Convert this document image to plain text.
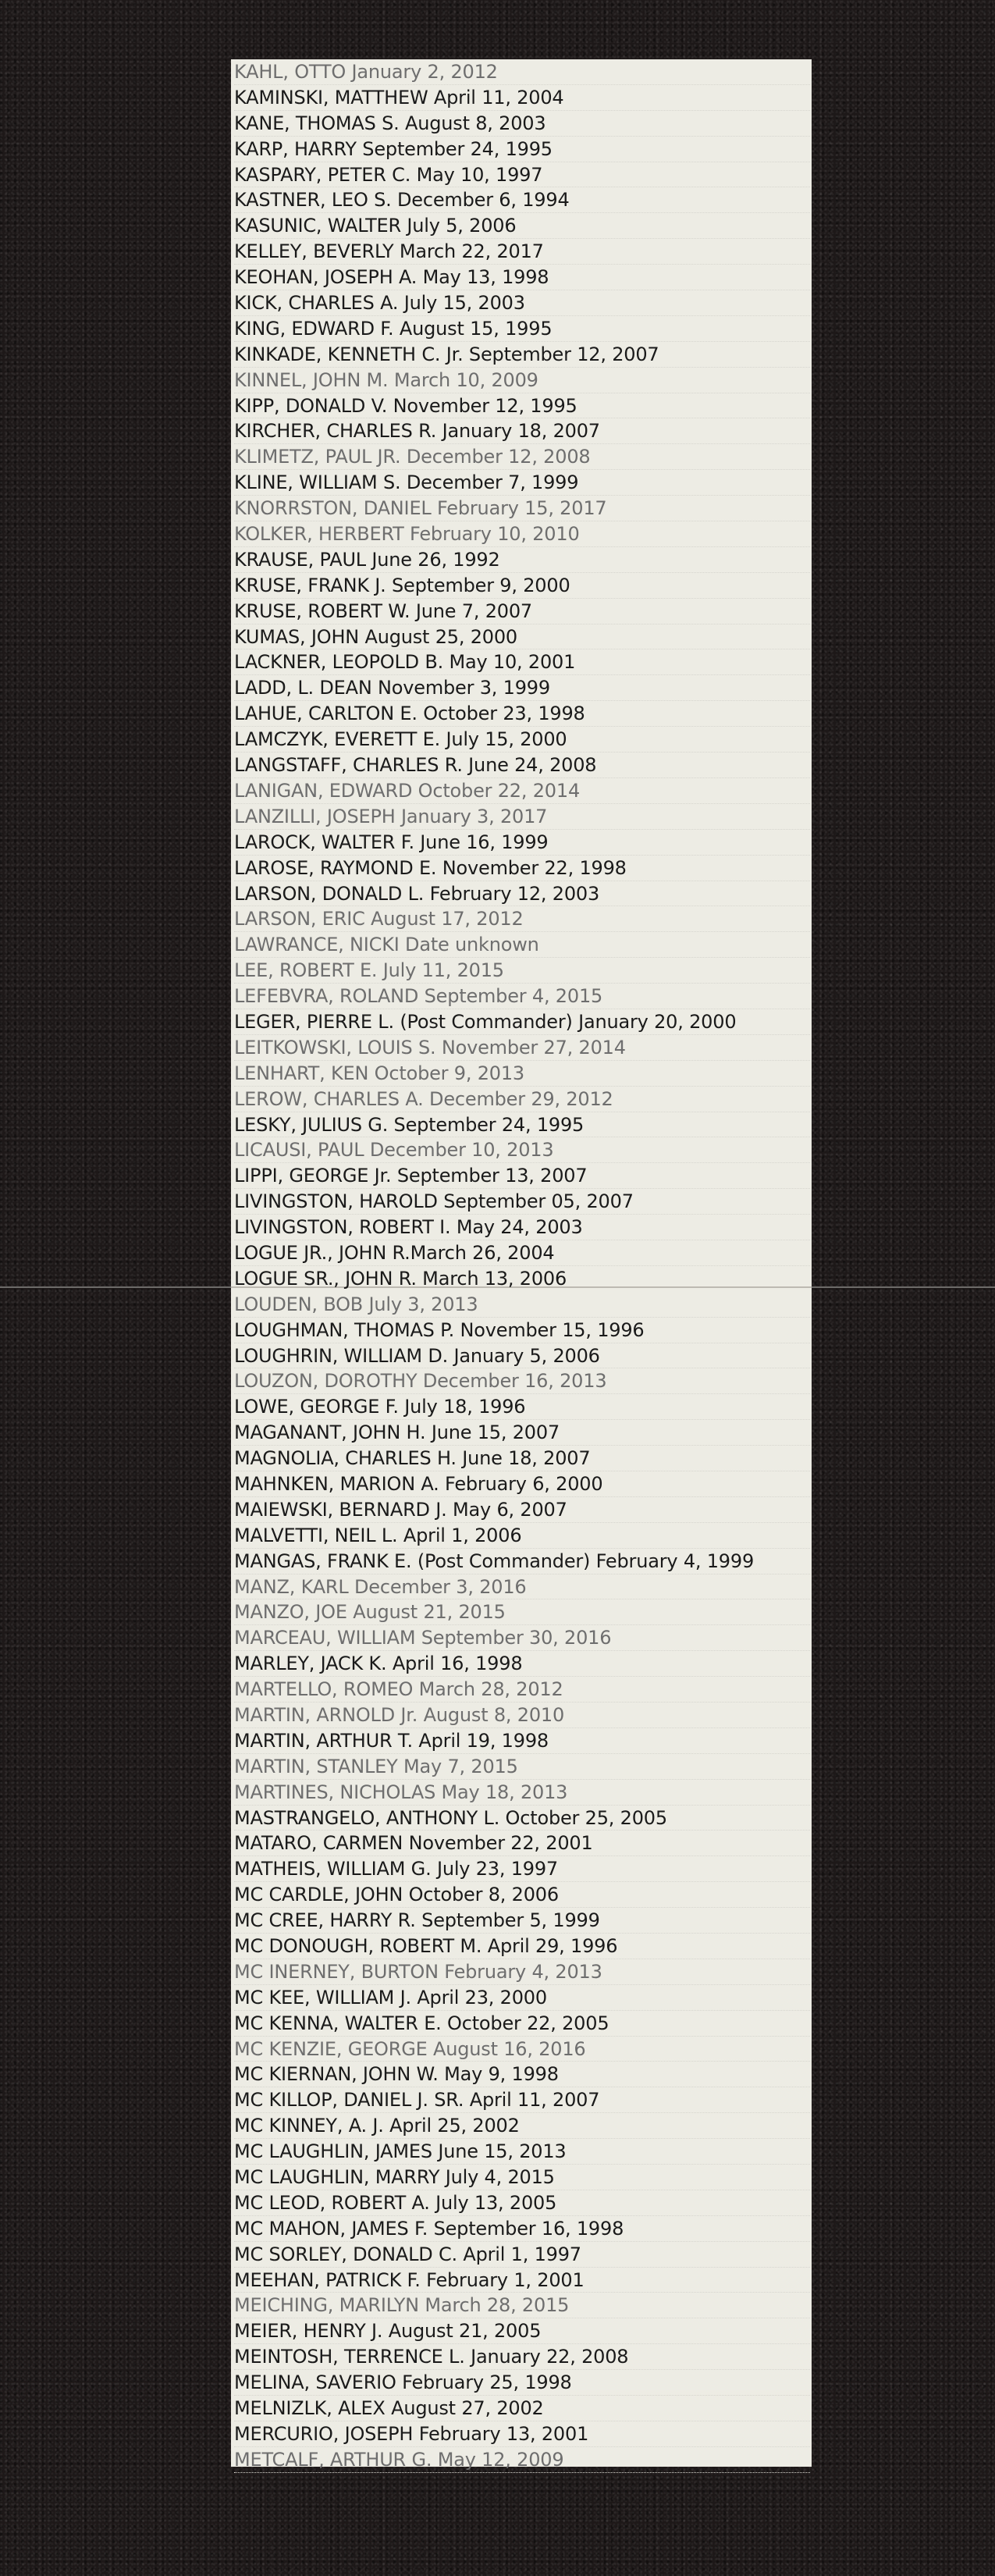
KAHL, OTTO January 2, 2012
KAMINSKI, MATTHEW April 11, 2004
KANE, THOMAS S. August 8, 2003
KARP, HARRY September 24, 1995
KASPARY, PETER C. May 10, 1997
KASTNER, LEO S. December 6, 1994
KASUNIC, WALTER July 5, 2006
KELLEY, BEVERLY March 22, 2017
KEOHAN, JOSEPH A. May 13, 1998
KICK, CHARLES A. July 15, 2003
KING, EDWARD F. August 15, 1995
KINKADE, KENNETH C. Jr. September 12, 2007
KINNEL, JOHN M. March 10, 2009
KIPP, DONALD V. November 12, 1995
KIRCHER, CHARLES R. January 18, 2007
KLIMETZ, PAUL JR. December 12, 2008
KLINE, WILLIAM S. December 7, 1999
KNORRSTON, DANIEL February 15, 2017
KOLKER, HERBERT February 10, 2010
KRAUSE, PAUL June 26, 1992
KRUSE, FRANK J. September 9, 2000
KRUSE, ROBERT W. June 7, 2007
KUMAS, JOHN August 25, 2000
LACKNER, LEOPOLD B. May 10, 2001
LADD, L. DEAN November 3, 1999
LAHUE, CARLTON E. October 23, 1998
LAMCZYK, EVERETT E. July 15, 2000
LANGSTAFF, CHARLES R. June 24, 2008
LANIGAN, EDWARD October 22, 2014
LANZILLI, JOSEPH January 3, 2017
LAROCK, WALTER F. June 16, 1999
LAROSE, RAYMOND E. November 22, 1998
LARSON, DONALD L. February 12, 2003
LARSON, ERIC August 17, 2012
LAWRANCE, NICKI Date unknown
LEE, ROBERT E. July 11, 2015
LEFEBVRA, ROLAND September 4, 2015
LEGER, PIERRE L. (Post Commander) January 20, 2000
LEITKOWSKI, LOUIS S. November 27, 2014
LENHART, KEN October 9, 2013
LEROW, CHARLES A. December 29, 2012
LESKY, JULIUS G. September 24, 1995
LICAUSI, PAUL December 10, 2013
LIPPI, GEORGE Jr. September 13, 2007
LIVINGSTON, HAROLD September 05, 2007
LIVINGSTON, ROBERT I. May 24, 2003
LOGUE JR., JOHN R.March 26, 2004
LOGUE SR., JOHN R. March 13, 2006
LOUDEN, BOB July 3, 2013
LOUGHMAN, THOMAS P. November 15, 1996
LOUGHRIN, WILLIAM D. January 5, 2006
LOUZON, DOROTHY December 16, 2013
LOWE, GEORGE F. July 18, 1996
MAGANANT, JOHN H. June 15, 2007
MAGNOLIA, CHARLES H. June 18, 2007
MAHNKEN, MARION A. February 6, 2000
MAIEWSKI, BERNARD J. May 6, 2007
MALVETTI, NEIL L. April 1, 2006
MANGAS, FRANK E. (Post Commander) February 4, 1999
MANZ, KARL December 3, 2016
MANZO, JOE August 21, 2015
MARCEAU, WILLIAM September 30, 2016
MARLEY, JACK K. April 16, 1998
MARTELLO, ROMEO March 28, 2012
MARTIN, ARNOLD Jr. August 8, 2010
MARTIN, ARTHUR T. April 19, 1998
MARTIN, STANLEY May 7, 2015
MARTINES, NICHOLAS May 18, 2013
MASTRANGELO, ANTHONY L. October 25, 2005
MATARO, CARMEN November 22, 2001
MATHEIS, WILLIAM G. July 23, 1997
MC CARDLE, JOHN October 8, 2006
MC CREE, HARRY R. September 5, 1999
MC DONOUGH, ROBERT M. April 29, 1996
MC INERNEY, BURTON February 4, 2013
MC KEE, WILLIAM J. April 23, 2000
MC KENNA, WALTER E. October 22, 2005
MC KENZIE, GEORGE August 16, 2016
MC KIERNAN, JOHN W. May 9, 1998
MC KILLOP, DANIEL J. SR. April 11, 2007
MC KINNEY, A. J. April 25, 2002
MC LAUGHLIN, JAMES June 15, 2013
MC LAUGHLIN, MARRY July 4, 2015
MC LEOD, ROBERT A. July 13, 2005
MC MAHON, JAMES F. September 16, 1998
MC SORLEY, DONALD C. April 1, 1997
MEEHAN, PATRICK F. February 1, 2001
MEICHING, MARILYN March 28, 2015
MEIER, HENRY J. August 21, 2005
MEINTOSH, TERRENCE L. January 22, 2008
MELINA, SAVERIO February 25, 1998
MELNIZLK, ALEX August 27, 2002
MERCURIO, JOSEPH February 13, 2001
METCALF, ARTHUR G. May 12, 2009
